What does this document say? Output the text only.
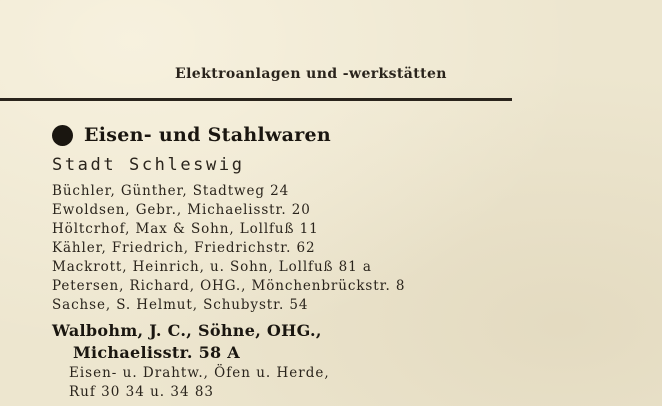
Elektroanlagen und -werkstätten
Eisen- und Stahlwaren
Stadt Schleswig
Büchler, Günther, Stadtweg 24
Ewoldsen, Gebr., Michaelisstr. 20
Höltcrhof, Max & Sohn, Lollfuß 11
Kähler, Friedrich, Friedrichstr. 62
Mackrott, Heinrich, u. Sohn, Lollfuß 81 a
Petersen, Richard, OHG., Mönchenbrückstr. 8
Sachse, S. Helmut, Schubystr. 54
Walbohm, J. C., Söhne, OHG.,
Michaelisstr. 58 A
Eisen- u. Drahtw., Öfen u. Herde,
Ruf 30 34 u. 34 83
